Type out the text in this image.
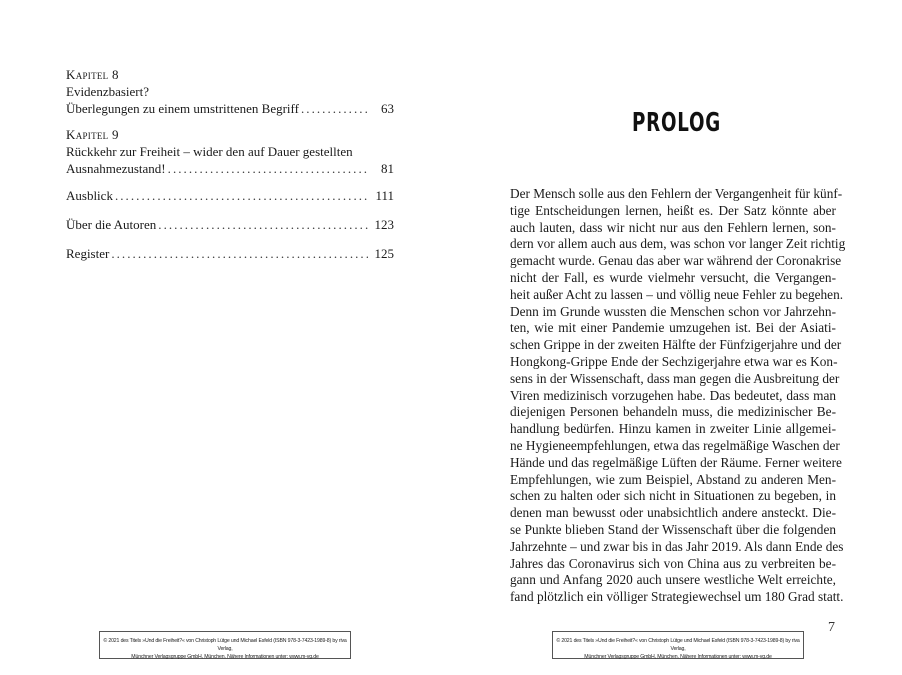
Kapitel 8
Evidenzbasiert?
Überlegungen zu einem umstrittenen Begriff . . .	63
Kapitel 9
Rückkehr zur Freiheit – wider den auf Dauer gestellten
Ausnahmezustand! . . .	81
Ausblick . . .	111
Über die Autoren . . .	123
Register . . .	125
© 2021 des Titels »Und die Freiheit?« von Christoph Lütge und Michael Esfeld (ISBN 978-3-7423-1989-8) by riva Verlag,
Münchner Verlagsgruppe GmbH, München. Nähere Informationen unter: www.m-vg.de
PROLOG
Der Mensch solle aus den Fehlern der Vergangenheit für künf-
tige Entscheidungen lernen, heißt es. Der Satz könnte aber
auch lauten, dass wir nicht nur aus den Fehlern lernen, son-
dern vor allem auch aus dem, was schon vor langer Zeit richtig
gemacht wurde. Genau das aber war während der Coronakrise
nicht der Fall, es wurde vielmehr versucht, die Vergangen-
heit außer Acht zu lassen – und völlig neue Fehler zu begehen.
Denn im Grunde wussten die Menschen schon vor Jahrzehn-
ten, wie mit einer Pandemie umzugehen ist. Bei der Asiati-
schen Grippe in der zweiten Hälfte der Fünfzigerjahre und der
Hongkong-Grippe Ende der Sechzigerjahre etwa war es Kon-
sens in der Wissenschaft, dass man gegen die Ausbreitung der
Viren medizinisch vorzugehen habe. Das bedeutet, dass man
diejenigen Personen behandeln muss, die medizinischer Be-
handlung bedürfen. Hinzu kamen in zweiter Linie allgemei-
ne Hygieneempfehlungen, etwa das regelmäßige Waschen der
Hände und das regelmäßige Lüften der Räume. Ferner weitere
Empfehlungen, wie zum Beispiel, Abstand zu anderen Men-
schen zu halten oder sich nicht in Situationen zu begeben, in
denen man bewusst oder unabsichtlich andere ansteckt. Die-
se Punkte blieben Stand der Wissenschaft über die folgenden
Jahrzehnte – und zwar bis in das Jahr 2019. Als dann Ende des
Jahres das Coronavirus sich von China aus zu verbreiten be-
gann und Anfang 2020 auch unsere westliche Welt erreichte,
fand plötzlich ein völliger Strategiewechsel um 180 Grad statt.
7
© 2021 des Titels »Und die Freiheit?« von Christoph Lütge und Michael Esfeld (ISBN 978-3-7423-1989-8) by riva Verlag,
Münchner Verlagsgruppe GmbH, München. Nähere Informationen unter: www.m-vg.de
